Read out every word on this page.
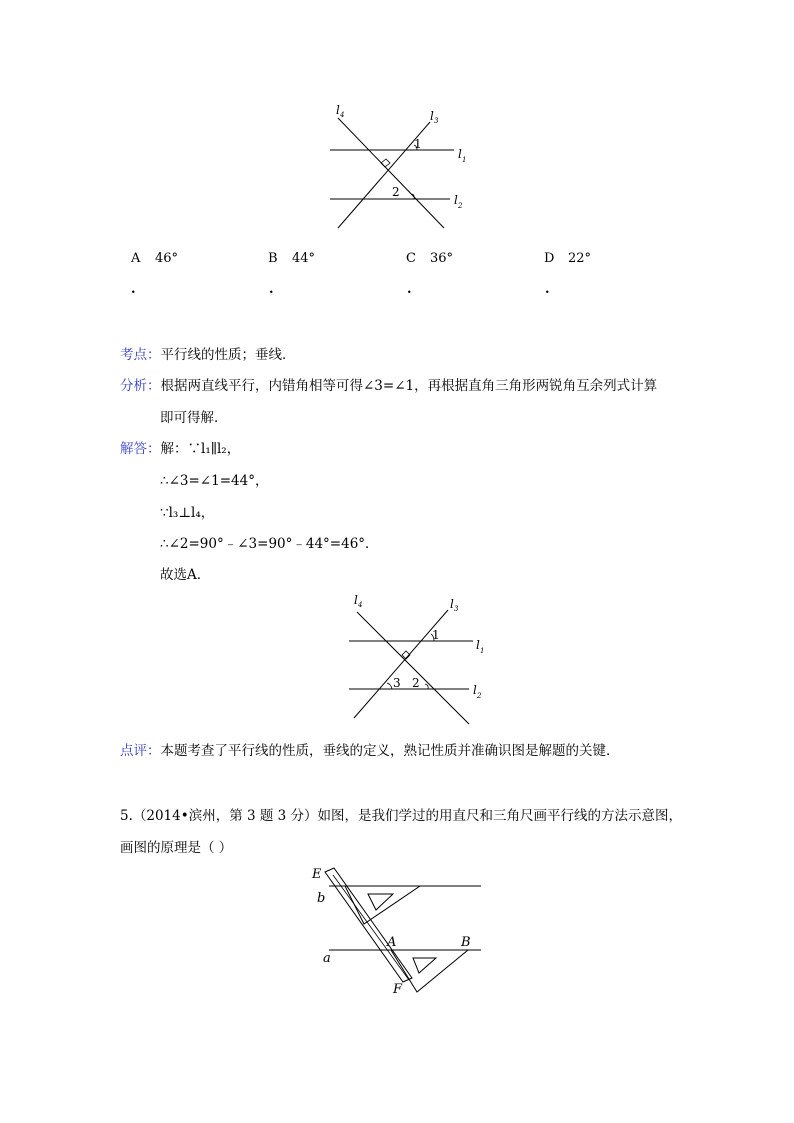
l 4	l 3
l 1
l 2
1
2
A 46°	B 44°	C 36°	D 22°
.	.	.	.
考点：平行线的性质；垂线．
分析：根据两直线平行，内错角相等可得∠3=∠1，再根据直角三角形两锐角互余列式计算
即可得解．
解答：解：∵l₁∥l₂，
∴∠3=∠1=44°，
∵l₃⊥l₄，
∴∠2=90°﹣∠3=90°﹣44°=46°．
故选A．
l 4	l 3
l 1
l 2
1
3 2
点评：本题考查了平行线的性质，垂线的定义，熟记性质并准确识图是解题的关键．
5.（2014•滨州，第 3 题 3 分）如图，是我们学过的用直尺和三角尺画平行线的方法示意图，
画图的原理是（ ）
E
b
A	B
a
F
